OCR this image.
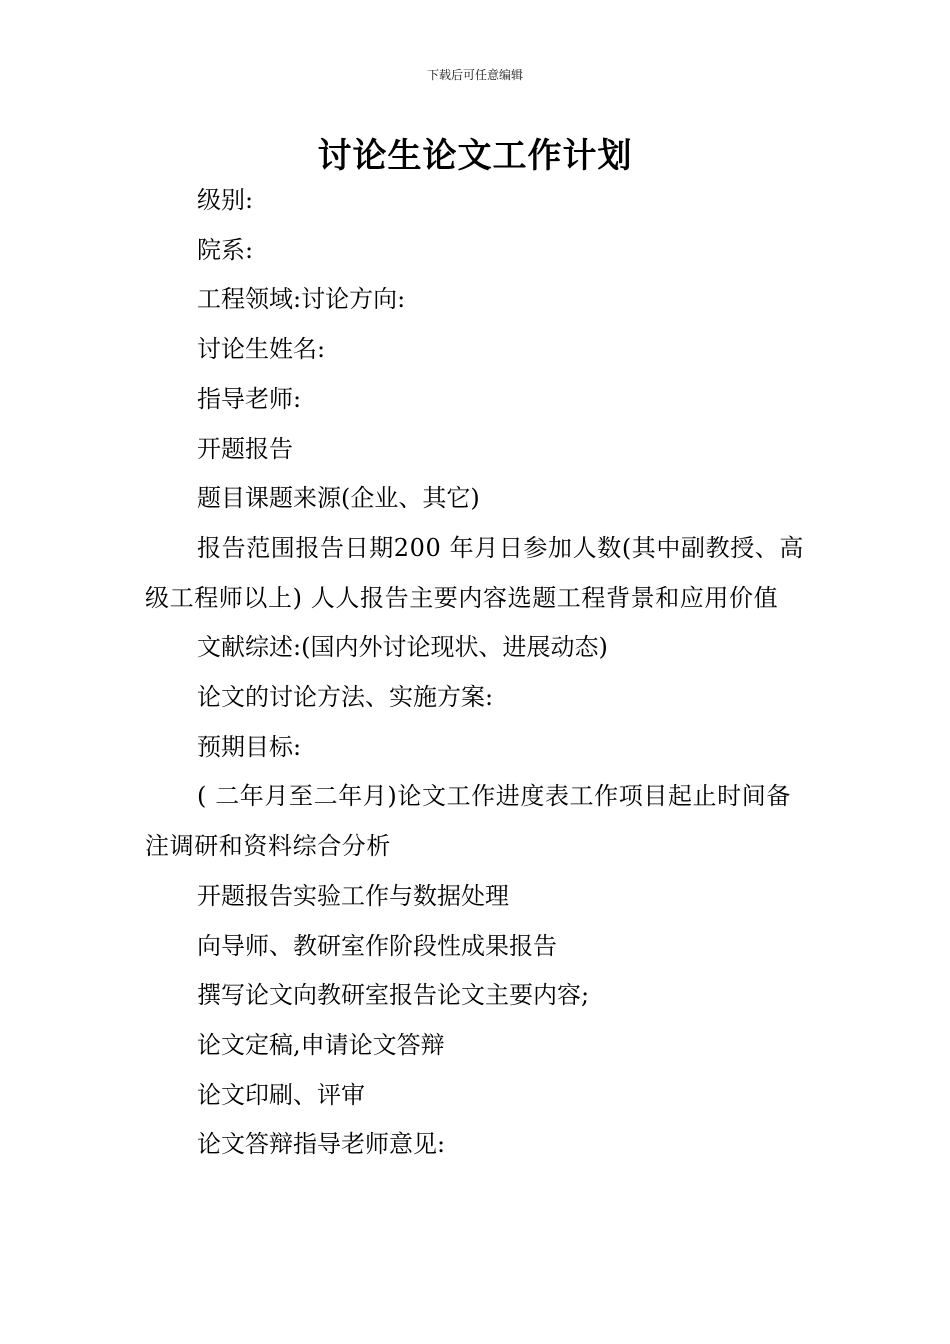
下载后可任意编辑
讨论生论文工作计划

级别:

院系:

工程领域:讨论方向:

讨论生姓名:

指导老师:

开题报告

题目课题来源(企业、其它)

报告范围报告日期200 年月日参加人数(其中副教授、高级工程师以上) 人人报告主要内容选题工程背景和应用价值

文献综述:(国内外讨论现状、进展动态)

论文的讨论方法、实施方案:

预期目标:

( 二年月至二年月)论文工作进度表工作项目起止时间备注调研和资料综合分析

开题报告实验工作与数据处理

向导师、教研室作阶段性成果报告

撰写论文向教研室报告论文主要内容;

论文定稿,申请论文答辩

论文印刷、评审

论文答辩指导老师意见:
